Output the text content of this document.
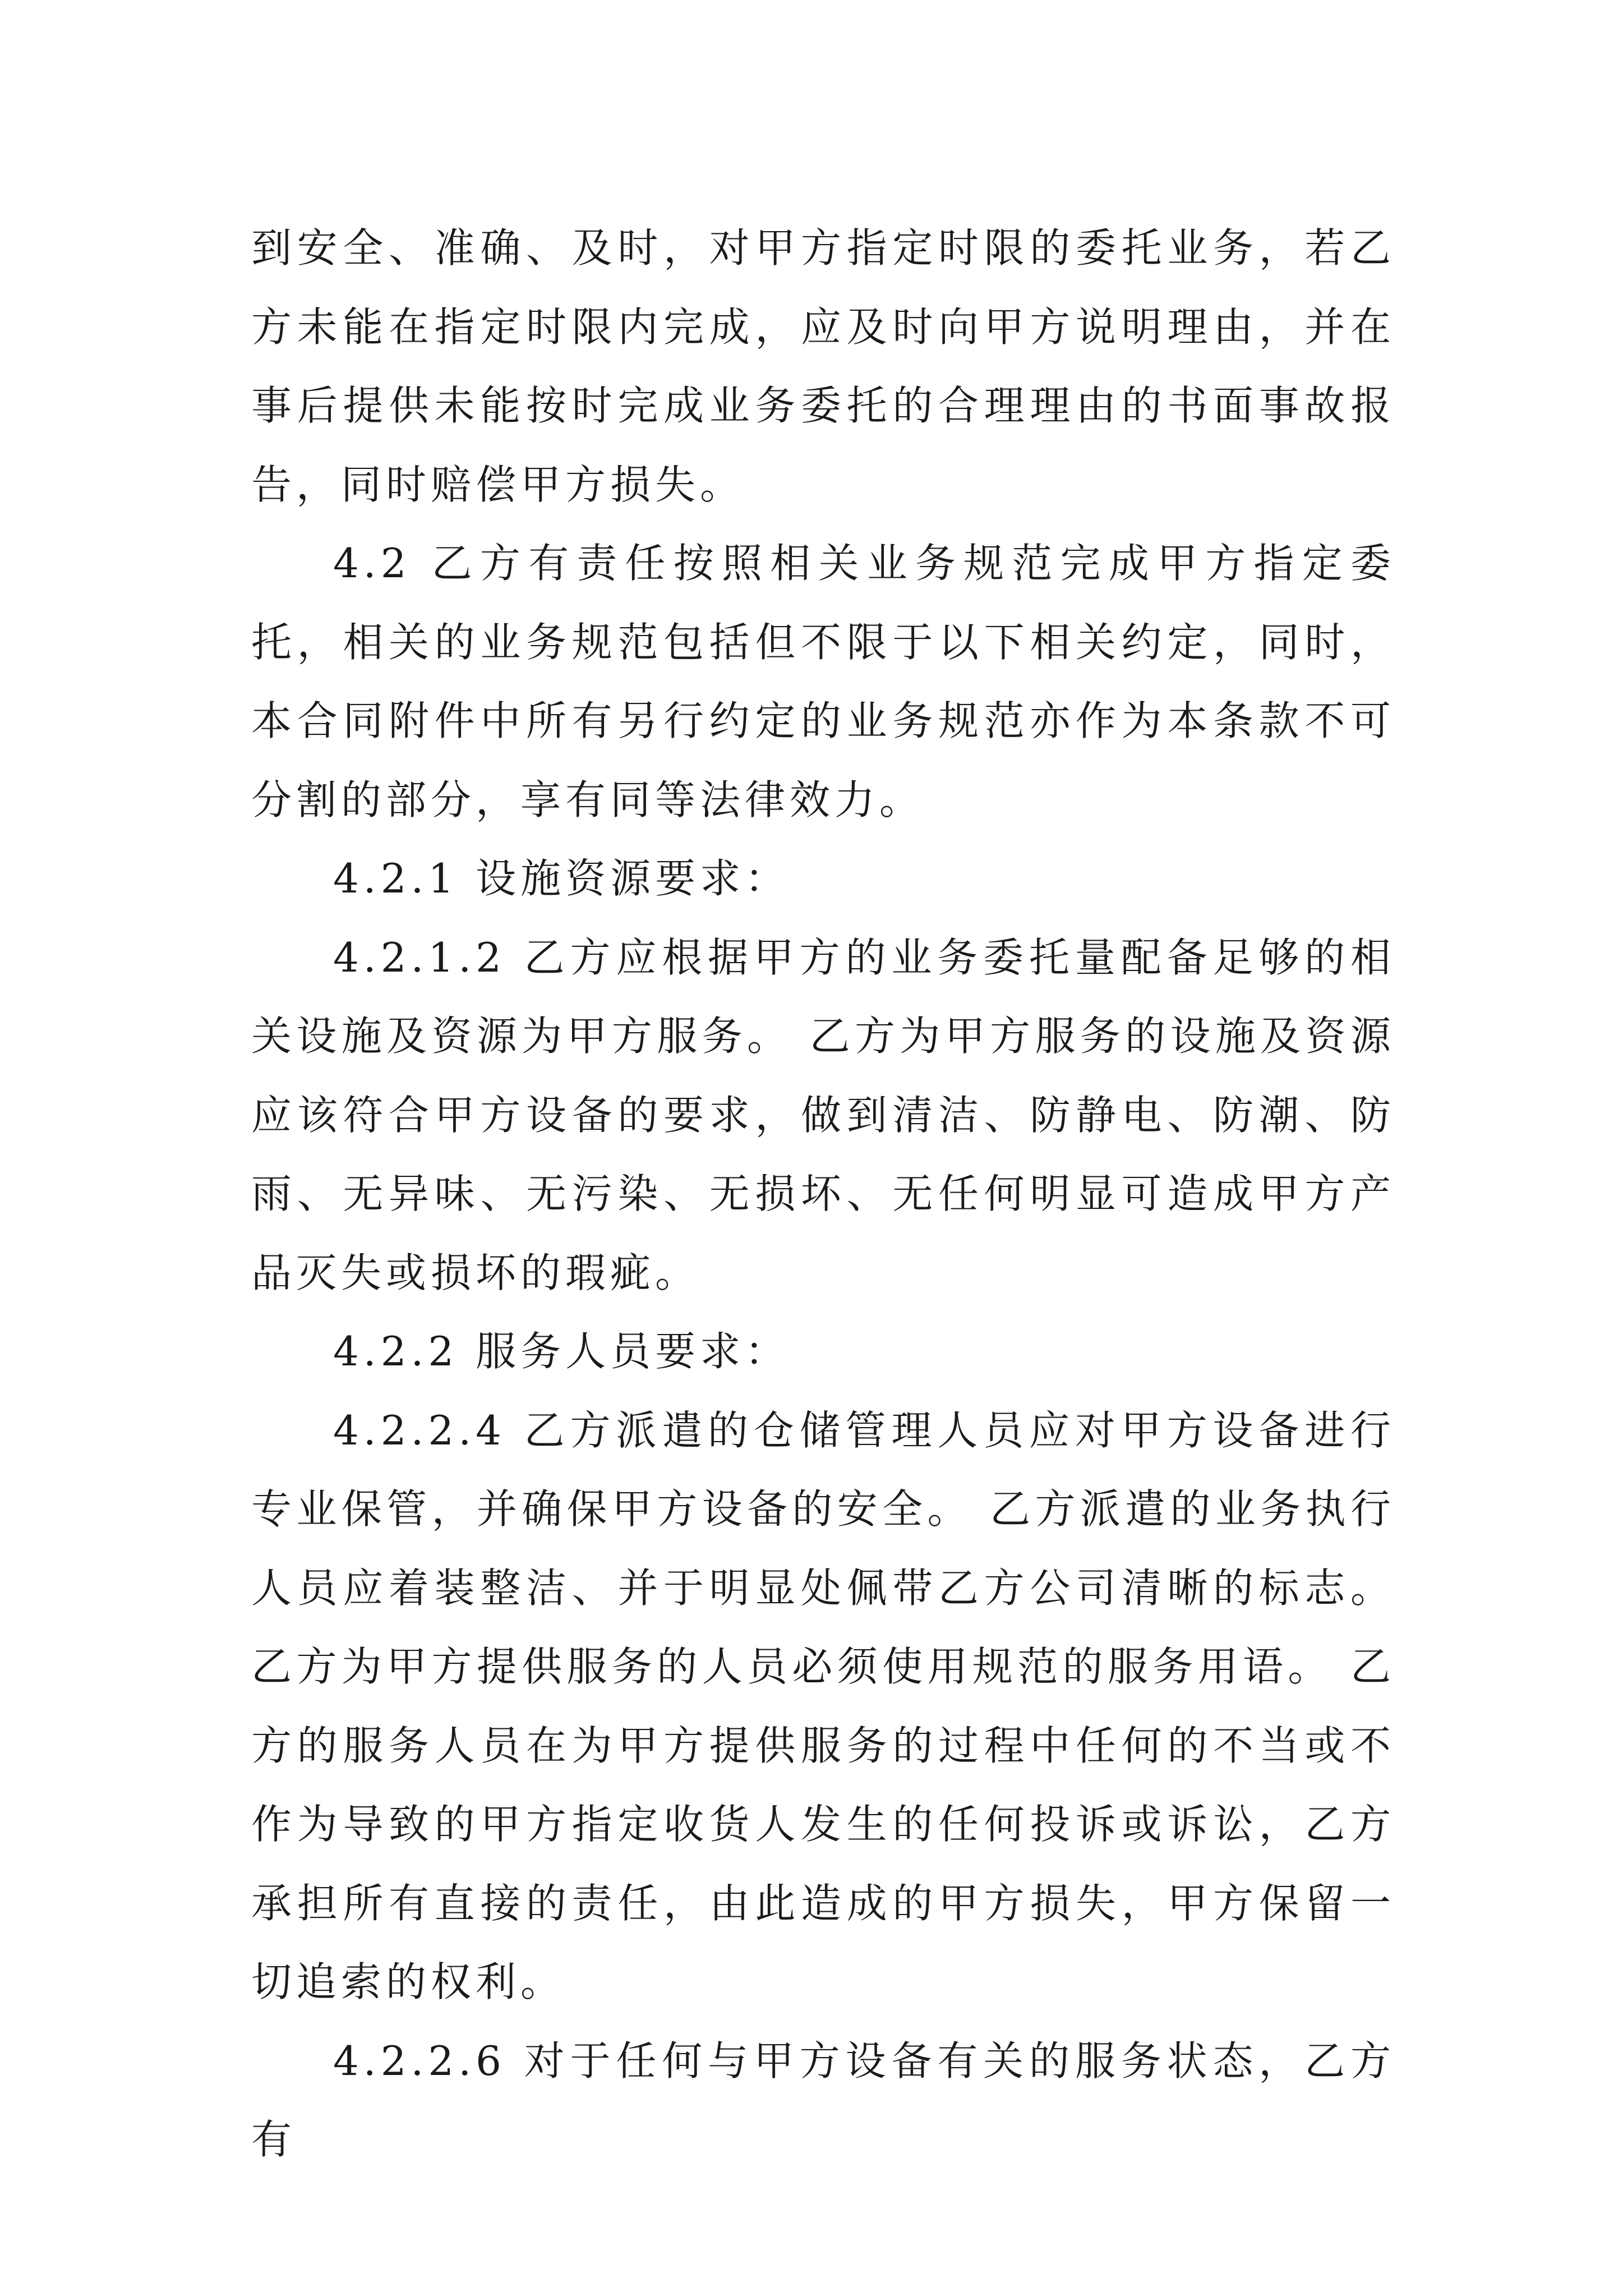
到安全、准确、及时，对甲方指定时限的委托业务，若乙方未能在指定时限内完成，应及时向甲方说明理由，并在事后提供未能按时完成业务委托的合理理由的书面事故报告，同时赔偿甲方损失。

4.2 乙方有责任按照相关业务规范完成甲方指定委托，相关的业务规范包括但不限于以下相关约定，同时，本合同附件中所有另行约定的业务规范亦作为本条款不可分割的部分，享有同等法律效力。

4.2.1 设施资源要求：

4.2.1.2 乙方应根据甲方的业务委托量配备足够的相关设施及资源为甲方服务。 乙方为甲方服务的设施及资源应该符合甲方设备的要求，做到清洁、防静电、防潮、防雨、无异味、无污染、无损坏、无任何明显可造成甲方产品灭失或损坏的瑕疵。

4.2.2 服务人员要求：

4.2.2.4 乙方派遣的仓储管理人员应对甲方设备进行专业保管，并确保甲方设备的安全。 乙方派遣的业务执行人员应着装整洁、并于明显处佩带乙方公司清晰的标志。 乙方为甲方提供服务的人员必须使用规范的服务用语。 乙方的服务人员在为甲方提供服务的过程中任何的不当或不作为导致的甲方指定收货人发生的任何投诉或诉讼，乙方承担所有直接的责任，由此造成的甲方损失，甲方保留一切追索的权利。

4.2.2.6 对于任何与甲方设备有关的服务状态，乙方有
